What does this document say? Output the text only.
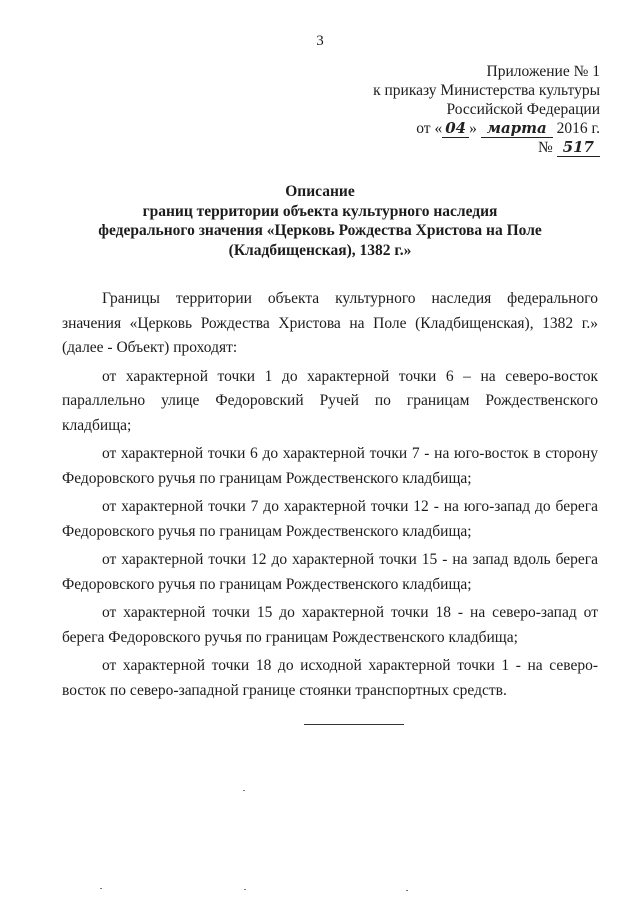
3
Приложение № 1
к приказу Министерства культуры
Российской Федерации
от « 04 » марта 2016 г.
№ 517
Описание
границ территории объекта культурного наследия
федерального значения «Церковь Рождества Христова на Поле
(Кладбищенская), 1382 г.»

Границы территории объекта культурного наследия федерального значения «Церковь Рождества Христова на Поле (Кладбищенская), 1382 г.» (далее - Объект) проходят:

от характерной точки 1 до характерной точки 6 – на северо-восток параллельно улице Федоровский Ручей по границам Рождественского кладбища;

от характерной точки 6 до характерной точки 7 - на юго-восток в сторону Федоровского ручья по границам Рождественского кладбища;

от характерной точки 7 до характерной точки 12 - на юго-запад до берега Федоровского ручья по границам Рождественского кладбища;

от характерной точки 12 до характерной точки 15 - на запад вдоль берега Федоровского ручья по границам Рождественского кладбища;

от характерной точки 15 до характерной точки 18 - на северо-запад от берега Федоровского ручья по границам Рождественского кладбища;

от характерной точки 18 до исходной характерной точки 1 - на северо-восток по северо-западной границе стоянки транспортных средств.
